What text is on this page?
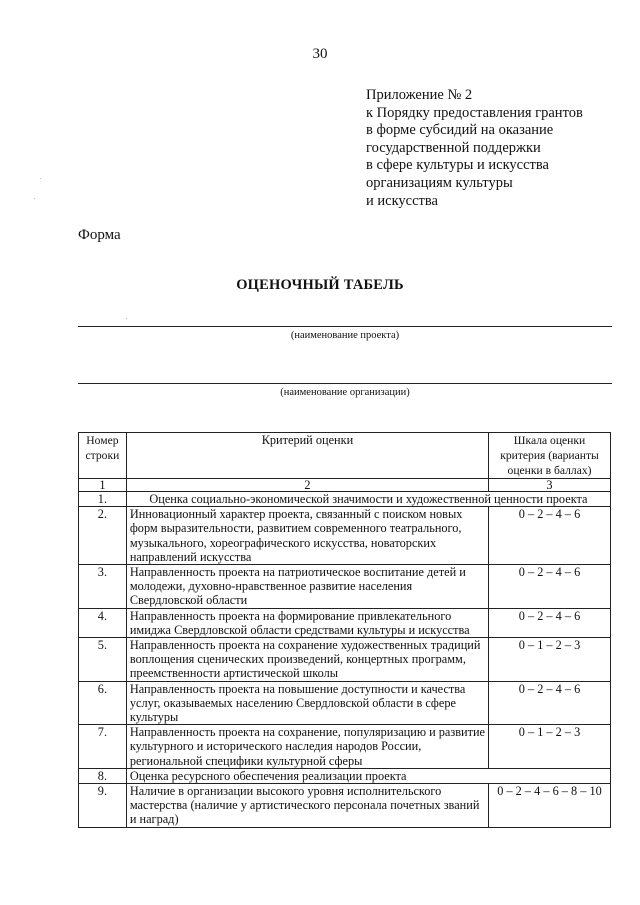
30
Приложение № 2
к Порядку предоставления грантов
в форме субсидий на оказание
государственной поддержки
в сфере культуры и искусства
организациям культуры
и искусства
Форма
ОЦЕНОЧНЫЙ ТАБЕЛЬ
(наименование проекта)
(наименование организации)
Номер строки	Критерий оценки	Шкала оценки критерия (варианты оценки в баллах)
1	2	3
1.	Оценка социально-экономической значимости и художественной ценности проекта	
2.	Инновационный характер проекта, связанный с поиском новых форм выразительности, развитием современного театрального, музыкального, хореографического искусства, новаторских направлений искусства	0 – 2 – 4 – 6
3.	Направленность проекта на патриотическое воспитание детей и молодежи, духовно-нравственное развитие населения Свердловской области	0 – 2 – 4 – 6
4.	Направленность проекта на формирование привлекательного имиджа Свердловской области средствами культуры и искусства	0 – 2 – 4 – 6
5.	Направленность проекта на сохранение художественных традиций воплощения сценических произведений, концертных программ, преемственности артистической школы	0 – 1 – 2 – 3
6.	Направленность проекта на повышение доступности и качества услуг, оказываемых населению Свердловской области в сфере культуры	0 – 2 – 4 – 6
7.	Направленность проекта на сохранение, популяризацию и развитие культурного и исторического наследия народов России, региональной специфики культурной сферы	0 – 1 – 2 – 3
8.	Оценка ресурсного обеспечения реализации проекта	
9.	Наличие в организации высокого уровня исполнительского мастерства (наличие у артистического персонала почетных званий и наград)	0 – 2 – 4 – 6 – 8 – 10
